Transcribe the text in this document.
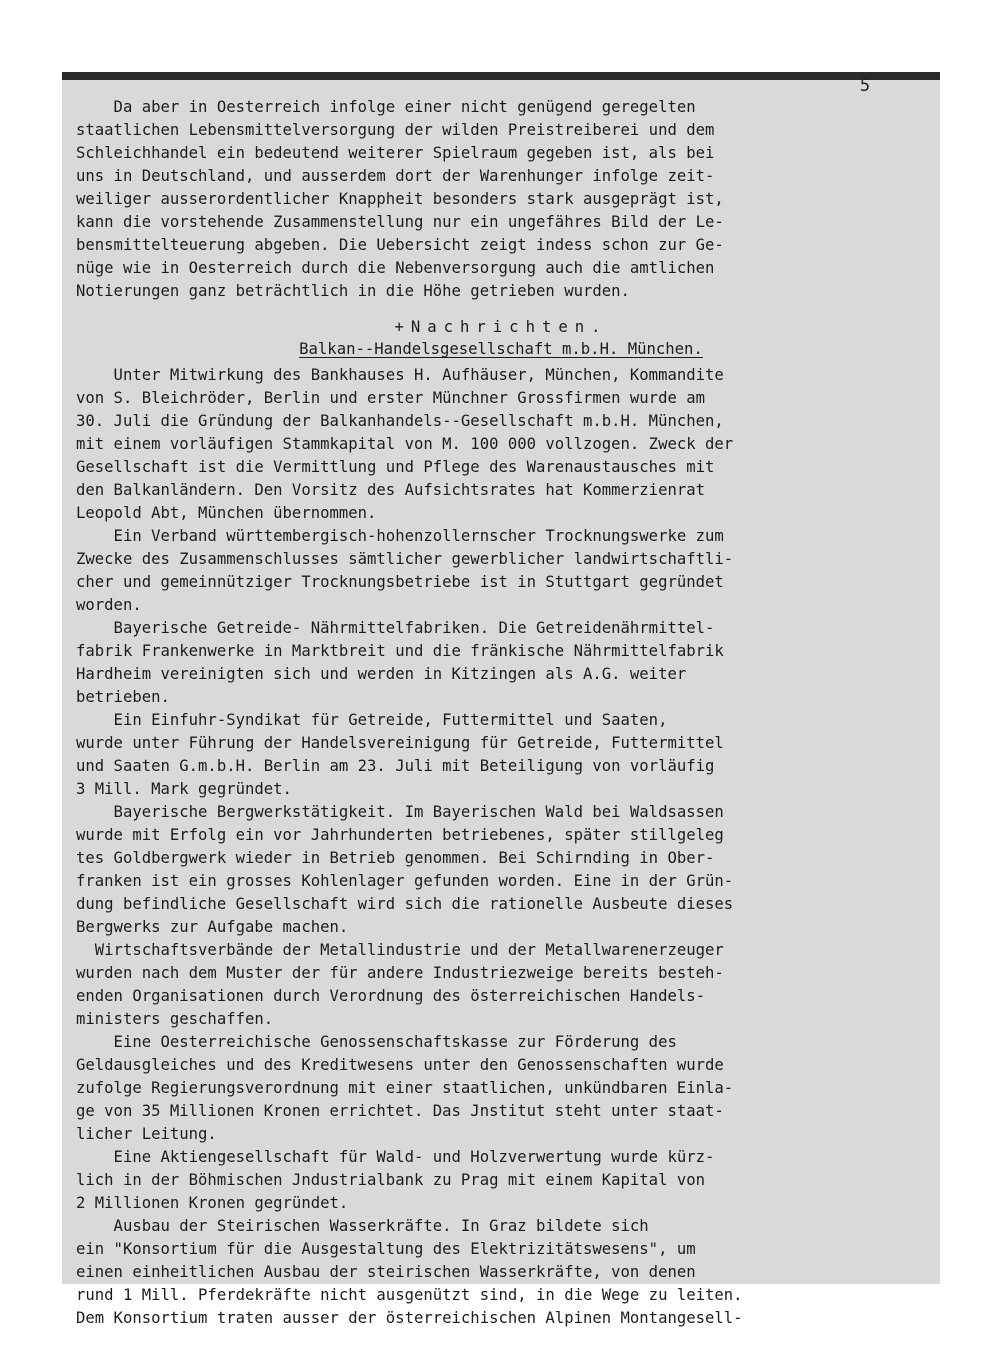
5
Da aber in Oesterreich infolge einer nicht genügend geregelten
staatlichen Lebensmittelversorgung der wilden Preistreiberei und dem
Schleichhandel ein bedeutend weiterer Spielraum gegeben ist, als bei
uns in Deutschland, und ausserdem dort der Warenhunger infolge zeit-
weiliger ausserordentlicher Knappheit besonders stark ausgeprägt ist,
kann die vorstehende Zusammenstellung nur ein ungefähres Bild der Le-
bensmittelteuerung abgeben. Die Uebersicht zeigt indess schon zur Ge-
nüge wie in Oesterreich durch die Nebenversorgung auch die amtlichen
Notierungen ganz beträchtlich in die Höhe getrieben wurden.
+Nachrichten.
Balkan--Handelsgesellschaft m.b.H. München.
Unter Mitwirkung des Bankhauses H. Aufhäuser, München, Kommandite
von S. Bleichröder, Berlin und erster Münchner Grossfirmen wurde am
30. Juli die Gründung der Balkanhandels--Gesellschaft m.b.H. München,
mit einem vorläufigen Stammkapital von M. 100 000 vollzogen. Zweck der
Gesellschaft ist die Vermittlung und Pflege des Warenaustausches mit
den Balkanländern. Den Vorsitz des Aufsichtsrates hat Kommerzienrat
Leopold Abt, München übernommen.
Ein Verband württembergisch-hohenzollernscher Trocknungswerke zum
Zwecke des Zusammenschlusses sämtlicher gewerblicher landwirtschaftli-
cher und gemeinnütziger Trocknungsbetriebe ist in Stuttgart gegründet
worden.
Bayerische Getreide- Nährmittelfabriken. Die Getreidenährmittel-
fabrik Frankenwerke in Marktbreit und die fränkische Nährmittelfabrik
Hardheim vereinigten sich und werden in Kitzingen als A.G. weiter
betrieben.
Ein Einfuhr-Syndikat für Getreide, Futtermittel und Saaten,
wurde unter Führung der Handelsvereinigung für Getreide, Futtermittel
und Saaten G.m.b.H. Berlin am 23. Juli mit Beteiligung von vorläufig
3 Mill. Mark gegründet.
Bayerische Bergwerkstätigkeit. Im Bayerischen Wald bei Waldsassen
wurde mit Erfolg ein vor Jahrhunderten betriebenes, später stillgeleg
tes Goldbergwerk wieder in Betrieb genommen. Bei Schirnding in Ober-
franken ist ein grosses Kohlenlager gefunden worden. Eine in der Grün-
dung befindliche Gesellschaft wird sich die rationelle Ausbeute dieses
Bergwerks zur Aufgabe machen.
Wirtschaftsverbände der Metallindustrie und der Metallwarenerzeuger
wurden nach dem Muster der für andere Industriezweige bereits besteh-
enden Organisationen durch Verordnung des österreichischen Handels-
ministers geschaffen.
Eine Oesterreichische Genossenschaftskasse zur Förderung des
Geldausgleiches und des Kreditwesens unter den Genossenschaften wurde
zufolge Regierungsverordnung mit einer staatlichen, unkündbaren Einla-
ge von 35 Millionen Kronen errichtet. Das Jnstitut steht unter staat-
licher Leitung.
Eine Aktiengesellschaft für Wald- und Holzverwertung wurde kürz-
lich in der Böhmischen Jndustrialbank zu Prag mit einem Kapital von
2 Millionen Kronen gegründet.
Ausbau der Steirischen Wasserkräfte. In Graz bildete sich
ein "Konsortium für die Ausgestaltung des Elektrizitätswesens", um
einen einheitlichen Ausbau der steirischen Wasserkräfte, von denen
rund 1 Mill. Pferdekräfte nicht ausgenützt sind, in die Wege zu leiten.
Dem Konsortium traten ausser der österreichischen Alpinen Montangesell-
